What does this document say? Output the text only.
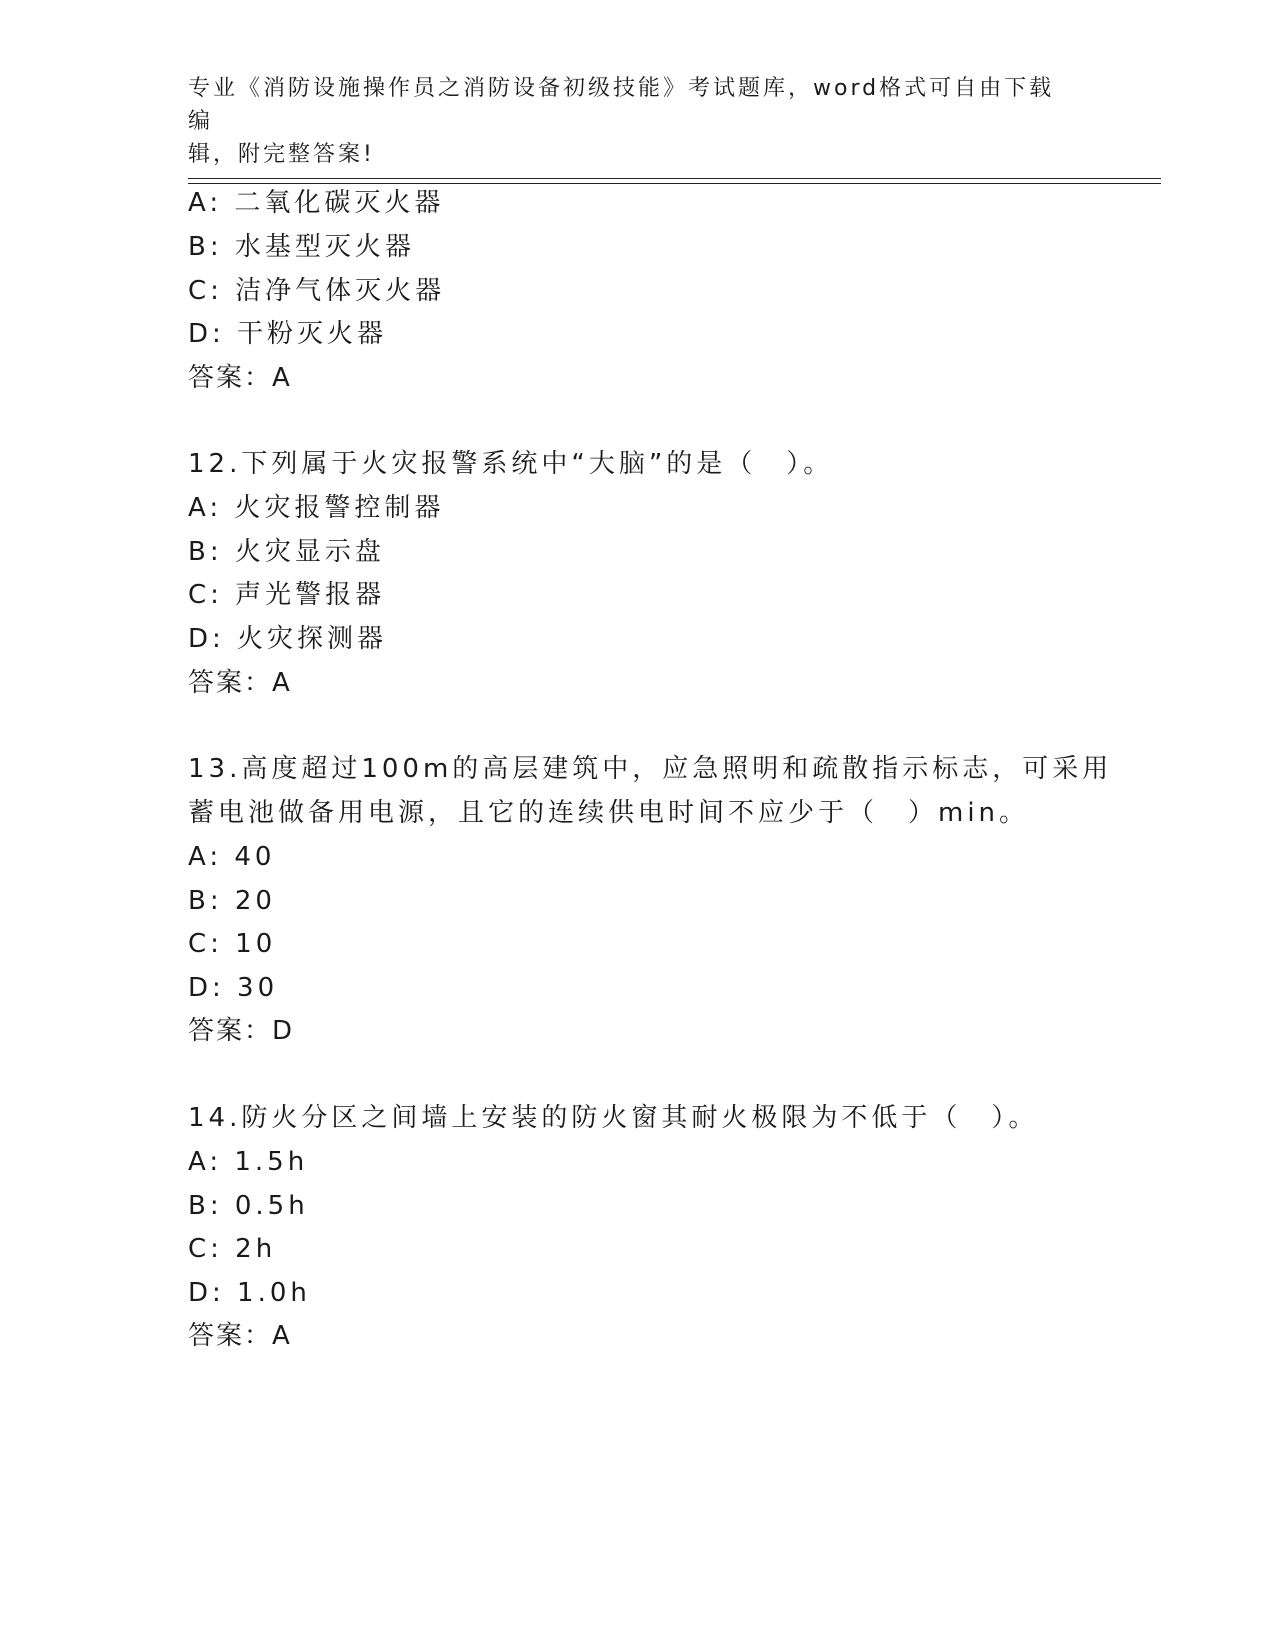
专业《消防设施操作员之消防设备初级技能》考试题库，word格式可自由下载编
辑，附完整答案!
A: 二氧化碳灭火器
B: 水基型灭火器
C: 洁净气体灭火器
D: 干粉灭火器
答案：A
12.下列属于火灾报警系统中“大脑”的是（　）。
A: 火灾报警控制器
B: 火灾显示盘
C: 声光警报器
D: 火灾探测器
答案：A
13.高度超过100m的高层建筑中，应急照明和疏散指示标志，可采用
蓄电池做备用电源，且它的连续供电时间不应少于（　）min。
A: 40
B: 20
C: 10
D: 30
答案：D
14.防火分区之间墙上安装的防火窗其耐火极限为不低于（　）。
A: 1.5h
B: 0.5h
C: 2h
D: 1.0h
答案：A
